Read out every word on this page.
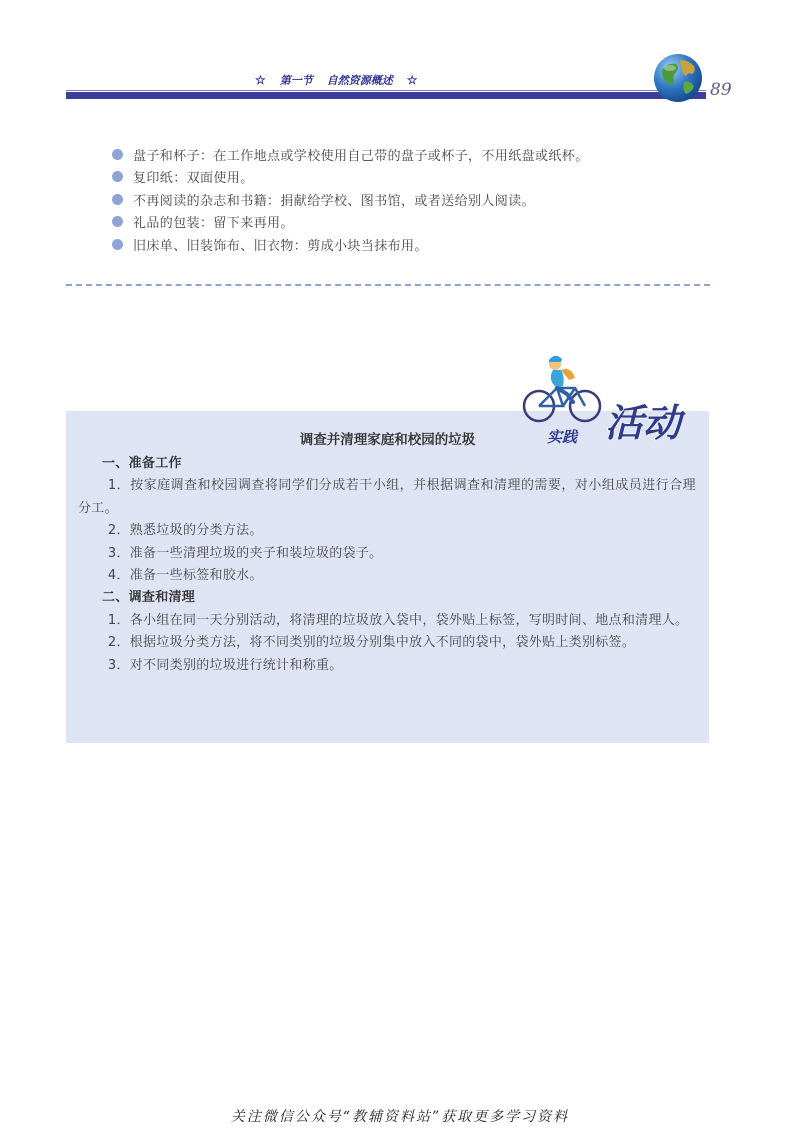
☆ 第一节 自然资源概述 ☆	89
盘子和杯子：在工作地点或学校使用自己带的盘子或杯子，不用纸盘或纸杯。
复印纸：双面使用。
不再阅读的杂志和书籍：捐献给学校、图书馆，或者送给别人阅读。
礼品的包装：留下来再用。
旧床单、旧装饰布、旧衣物：剪成小块当抹布用。
调查并清理家庭和校园的垃圾

一、准备工作

1．按家庭调查和校园调查将同学们分成若干小组，并根据调查和清理的需要，对小组成员进行合理分工。

2．熟悉垃圾的分类方法。

3．准备一些清理垃圾的夹子和装垃圾的袋子。

4．准备一些标签和胶水。

二、调查和清理

1．各小组在同一天分别活动，将清理的垃圾放入袋中，袋外贴上标签，写明时间、地点和清理人。

2．根据垃圾分类方法，将不同类别的垃圾分别集中放入不同的袋中，袋外贴上类别标签。

3．对不同类别的垃圾进行统计和称重。

实践 活动
关注微信公众号“教辅资料站”获取更多学习资料
